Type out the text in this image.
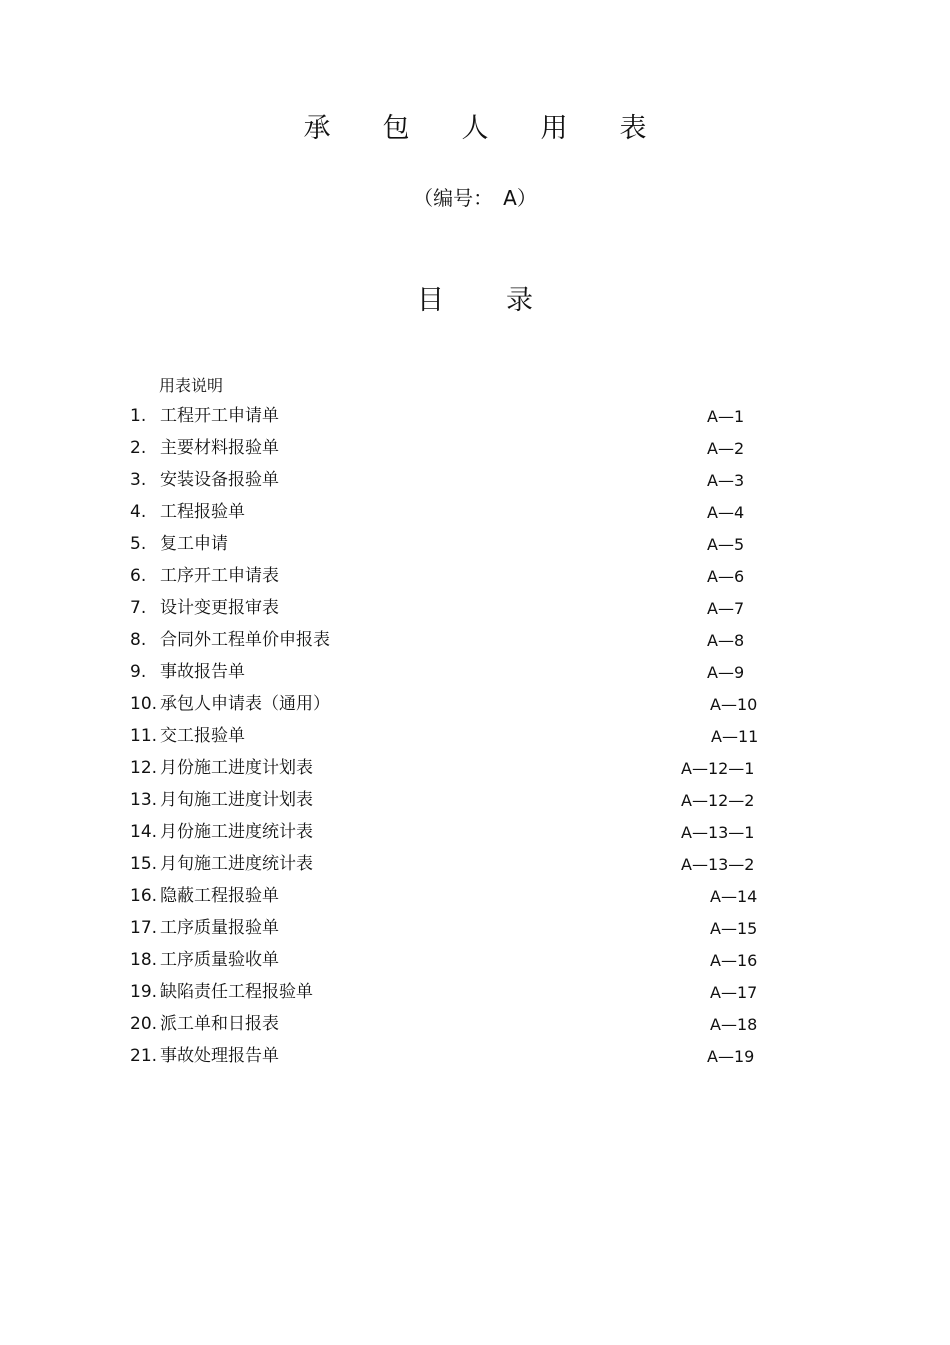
承包人用表
（编号：　A）
目录
用表说明
1. 工程开工申请单	A—1
2. 主要材料报验单	A—2
3. 安装设备报验单	A—3
4. 工程报验单	A—4
5. 复工申请	A—5
6. 工序开工申请表	A—6
7. 设计变更报审表	A—7
8. 合同外工程单价申报表	A—8
9. 事故报告单	A—9
10. 承包人申请表（通用）	A—10
11. 交工报验单	A—11
12. 月份施工进度计划表	A—12—1
13. 月旬施工进度计划表	A—12—2
14. 月份施工进度统计表	A—13—1
15. 月旬施工进度统计表	A—13—2
16. 隐蔽工程报验单	A—14
17. 工序质量报验单	A—15
18. 工序质量验收单	A—16
19. 缺陷责任工程报验单	A—17
20. 派工单和日报表	A—18
21. 事故处理报告单	A—19
